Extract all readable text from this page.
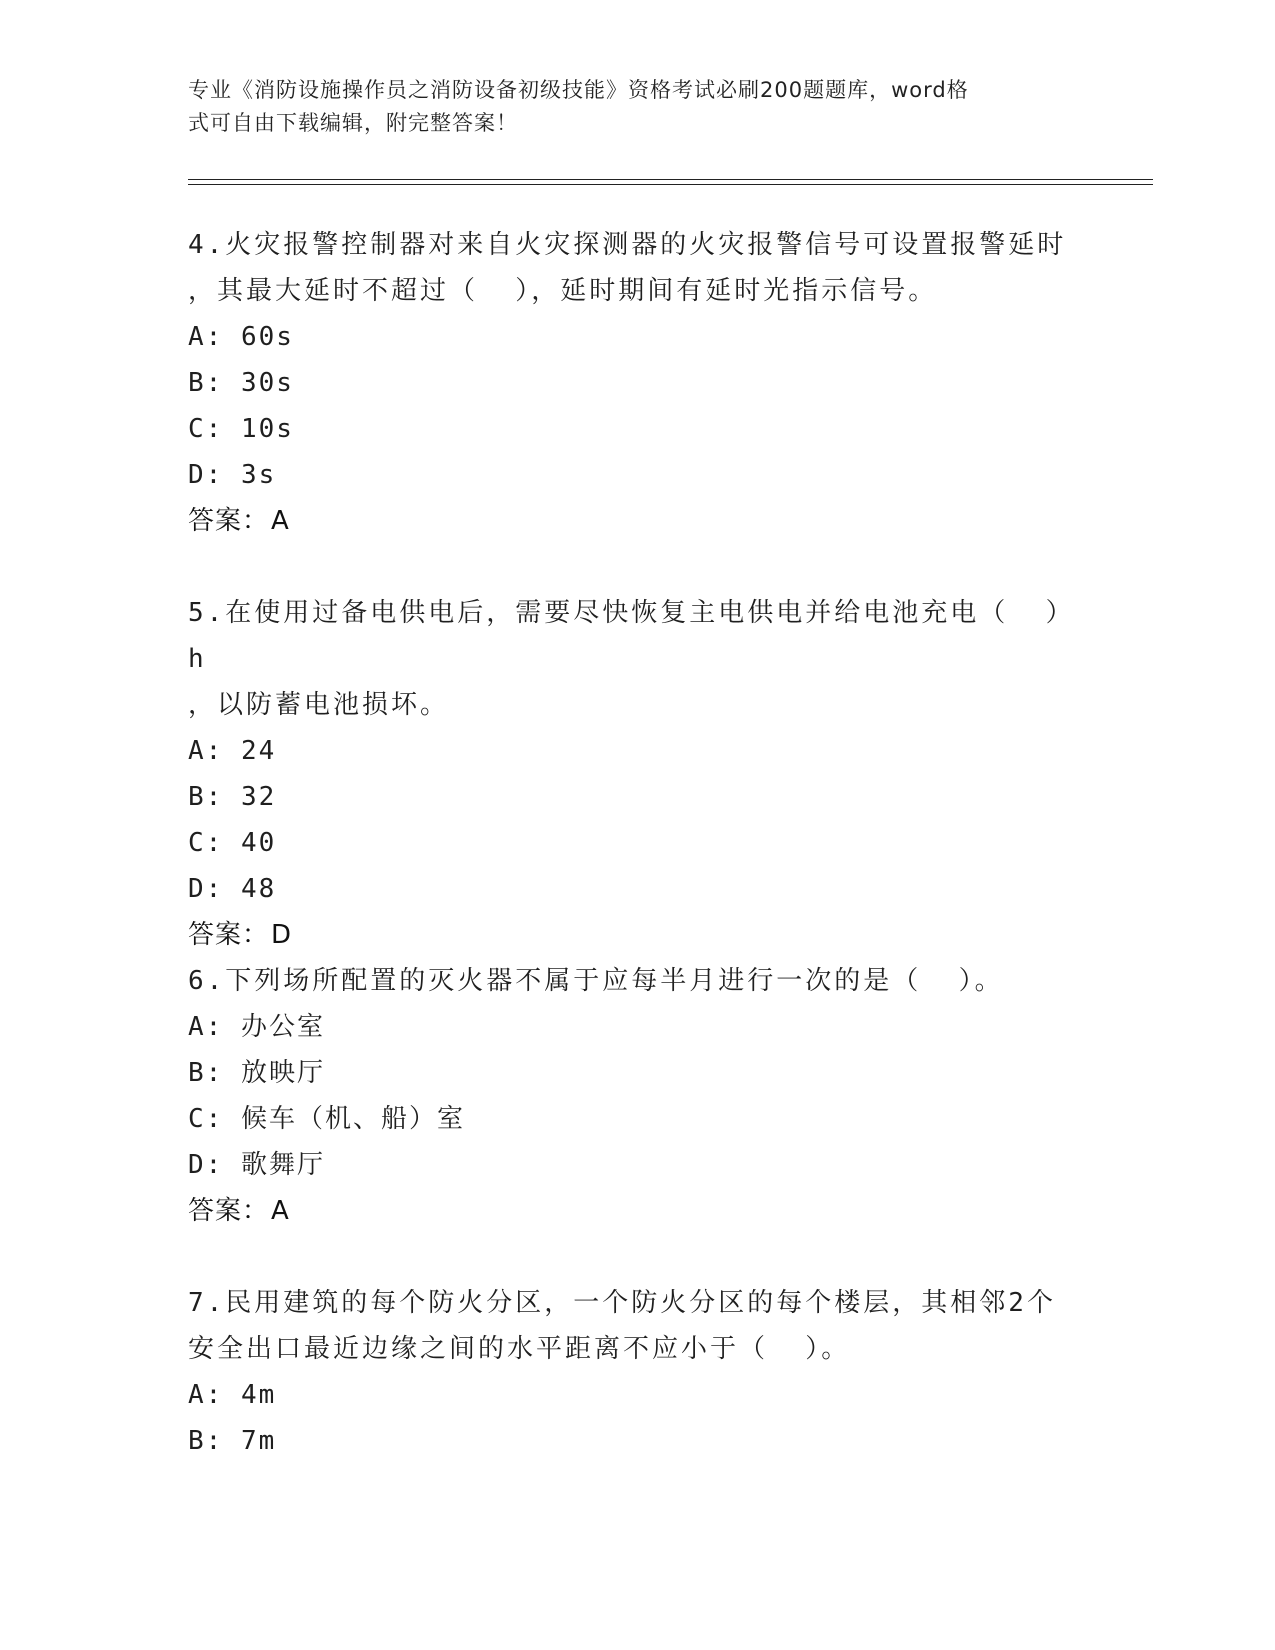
专业《消防设施操作员之消防设备初级技能》资格考试必刷200题题库，word格
式可自由下载编辑，附完整答案！

4.火灾报警控制器对来自火灾探测器的火灾报警信号可设置报警延时

，其最大延时不超过（  ），延时期间有延时光指示信号。

A: 60s

B: 30s

C: 10s

D: 3s

答案：A

5.在使用过备电供电后，需要尽快恢复主电供电并给电池充电（  ）h

，以防蓄电池损坏。

A: 24

B: 32

C: 40

D: 48

答案：D

6.下列场所配置的灭火器不属于应每半月进行一次的是（  ）。

A: 办公室

B: 放映厅

C: 候车（机、船）室

D: 歌舞厅

答案：A

7.民用建筑的每个防火分区，一个防火分区的每个楼层，其相邻2个

安全出口最近边缘之间的水平距离不应小于（  ）。

A: 4m

B: 7m
